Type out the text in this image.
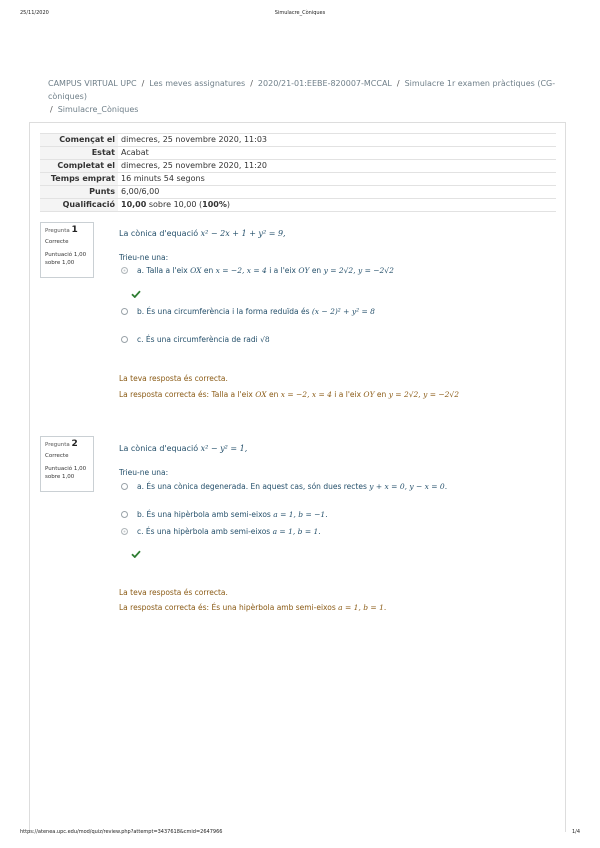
25/11/2020	Simulacre_Còniques
CAMPUS VIRTUAL UPC / Les meves assignatures / 2020/21-01:EEBE-820007-MCCAL / Simulacre 1r examen pràctiques (CG-còniques)
/ Simulacre_Còniques
Començat el	dimecres, 25 novembre 2020, 11:03
Estat	Acabat
Completat el	dimecres, 25 novembre 2020, 11:20
Temps emprat	16 minuts 54 segons
Punts	6,00/6,00
Qualificació	10,00 sobre 10,00 (100%)
Pregunta 1
Correcte
Puntuació 1,00 sobre 1,00
La cònica d'equació x² − 2x + 1 + y² = 9,
Trieu-ne una:
a. Talla a l'eix OX en x = −2, x = 4 i a l'eix OY en y = 2√2, y = −2√2
b. És una circumferència i la forma reduïda és (x − 2)² + y² = 8
c. És una circumferència de radi √8
La teva resposta és correcta.
La resposta correcta és: Talla a l'eix OX en x = −2, x = 4 i a l'eix OY en y = 2√2, y = −2√2
Pregunta 2
Correcte
Puntuació 1,00 sobre 1,00
La cònica d'equació x² − y² = 1,
Trieu-ne una:
a. És una cònica degenerada. En aquest cas, són dues rectes y + x = 0, y − x = 0.
b. És una hipèrbola amb semi-eixos a = 1, b = −1.
c. És una hipèrbola amb semi-eixos a = 1, b = 1.
La teva resposta és correcta.
La resposta correcta és: És una hipèrbola amb semi-eixos a = 1, b = 1.
https://atenea.upc.edu/mod/quiz/review.php?attempt=3437618&cmid=2647966	1/4
